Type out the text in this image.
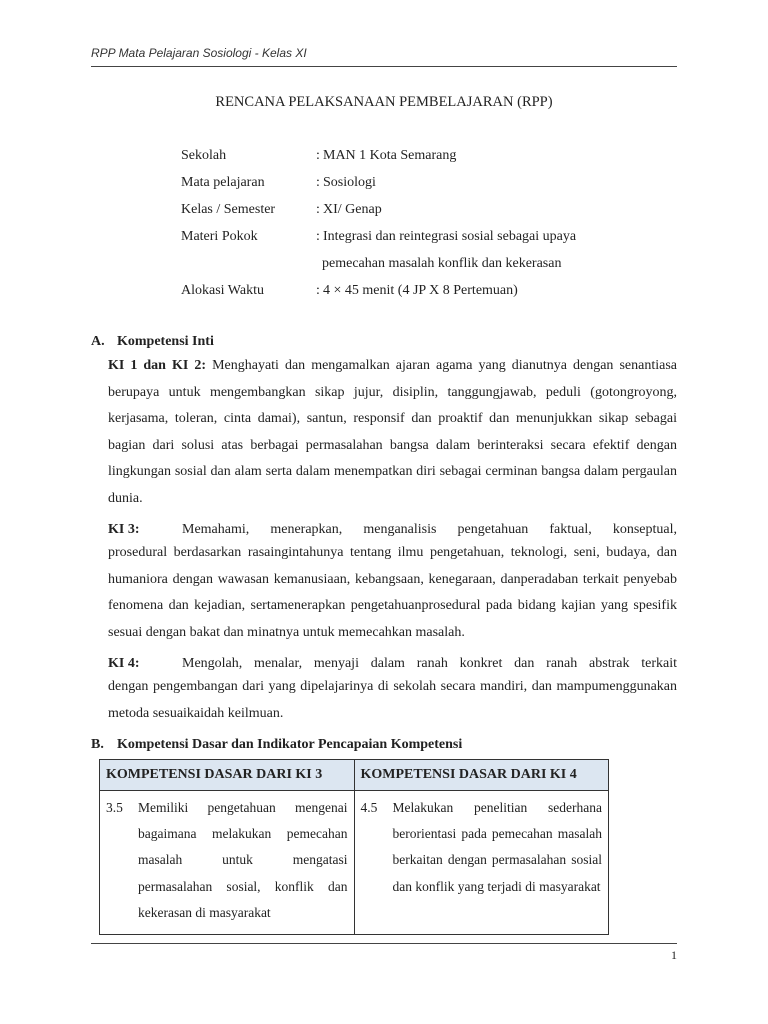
RPP Mata Pelajaran Sosiologi - Kelas XI
RENCANA PELAKSANAAN PEMBELAJARAN (RPP)
Sekolah	: MAN 1 Kota Semarang
Mata pelajaran	: Sosiologi
Kelas / Semester	: XI/ Genap
Materi Pokok	: Integrasi dan reintegrasi sosial sebagai upaya
pemecahan masalah konflik dan kekerasan
Alokasi Waktu	: 4 × 45 menit (4 JP X 8 Pertemuan)
A. Kompetensi Inti
KI 1 dan KI 2: Menghayati dan mengamalkan ajaran agama yang dianutnya dengan senantiasa berupaya untuk mengembangkan sikap jujur, disiplin, tanggungjawab, peduli (gotongroyong, kerjasama, toleran, cinta damai), santun, responsif dan proaktif dan menunjukkan sikap sebagai bagian dari solusi atas berbagai permasalahan bangsa dalam berinteraksi secara efektif dengan lingkungan sosial dan alam serta dalam menempatkan diri sebagai cerminan bangsa dalam pergaulan dunia.
KI 3:	Memahami, menerapkan, menganalisis pengetahuan faktual, konseptual,
prosedural berdasarkan rasaingintahunya tentang ilmu pengetahuan, teknologi, seni, budaya, dan humaniora dengan wawasan kemanusiaan, kebangsaan, kenegaraan, danperadaban terkait penyebab fenomena dan kejadian, sertamenerapkan pengetahuanprosedural pada bidang kajian yang spesifik sesuai dengan bakat dan minatnya untuk memecahkan masalah.
KI 4:	Mengolah, menalar, menyaji dalam ranah konkret dan ranah abstrak terkait
dengan pengembangan dari yang dipelajarinya di sekolah secara mandiri, dan mampumenggunakan metoda sesuaikaidah keilmuan.
B. Kompetensi Dasar dan Indikator Pencapaian Kompetensi
KOMPETENSI DASAR DARI KI 3	KOMPETENSI DASAR DARI KI 4

3.5 Memiliki pengetahuan mengenai bagaimana melakukan pemecahan masalah untuk mengatasi permasalahan sosial, konflik dan kekerasan di masyarakat	4.5 Melakukan penelitian sederhana berorientasi pada pemecahan masalah berkaitan dengan permasalahan sosial dan konflik yang terjadi di masyarakat
1
